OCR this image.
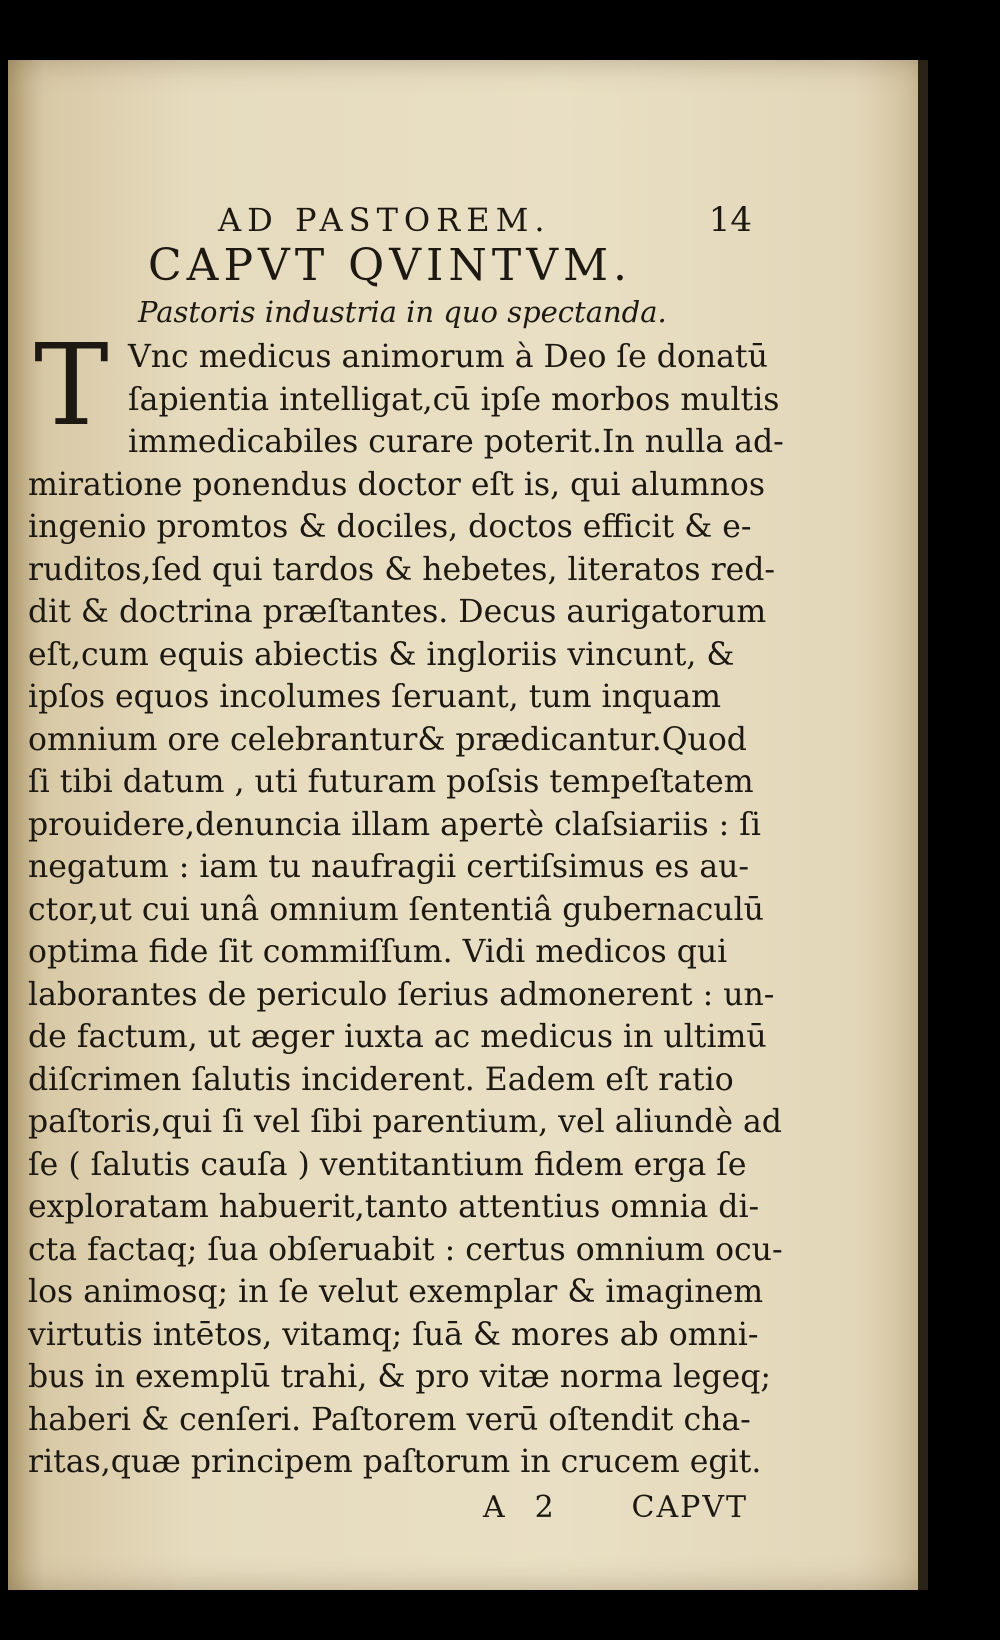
AD PASTOREM.	14
CAPVT QVINTVM.
Pastoris industria in quo spectanda.
T Vnc medicus animorum à Deo ſe donatū
ſapientia intelligat,cū ipſe morbos multis
immedicabiles curare poterit.In nulla ad-
miratione ponendus doctor eſt is, qui alumnos
ingenio promtos & dociles, doctos efficit & e-
ruditos,ſed qui tardos & hebetes, literatos red-
dit & doctrina præſtantes. Decus aurigatorum
eſt,cum equis abiectis & ingloriis vincunt, &
ipſos equos incolumes ſeruant, tum inquam
omnium ore celebrantur& prædicantur.Quod
ſi tibi datum , uti futuram poſsis tempeſtatem
prouidere,denuncia illam apertè claſsiariis : ſi
negatum : iam tu naufragii certiſsimus es au-
ctor,ut cui unâ omnium ſententiâ gubernaculū
optima fide ſit commiſſum. Vidi medicos qui
laborantes de periculo ſerius admonerent : un-
de factum, ut æger iuxta ac medicus in ultimū
diſcrimen ſalutis inciderent. Eadem eſt ratio
paſtoris,qui ſi vel ſibi parentium, vel aliundè ad
ſe ( ſalutis cauſa ) ventitantium fidem erga ſe
exploratam habuerit,tanto attentius omnia di-
cta factaq; ſua obſeruabit : certus omnium ocu-
los animosq; in ſe velut exemplar & imaginem
virtutis intētos, vitamq; ſuā & mores ab omni-
bus in exemplū trahi, & pro vitæ norma legeq;
haberi & cenſeri. Paſtorem verū oſtendit cha-
ritas,quæ principem paſtorum in crucem egit.
A 2	CAPVT
